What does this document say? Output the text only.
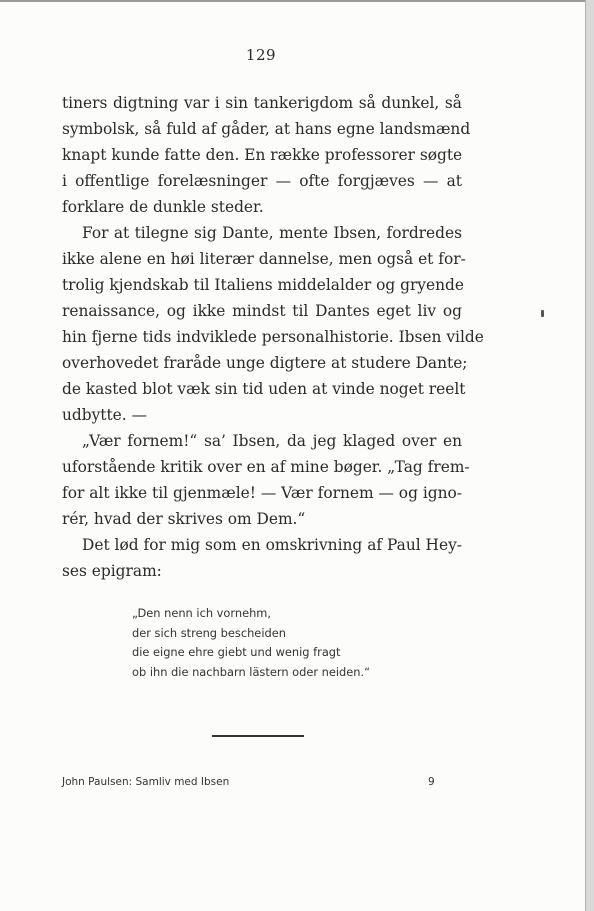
129
tiners digtning var i sin tankerigdom så dunkel, så
symbolsk, så fuld af gåder, at hans egne landsmænd
knapt kunde fatte den. En række professorer søgte
i offentlige forelæsninger — ofte forgjæves — at
forklare de dunkle steder.
For at tilegne sig Dante, mente Ibsen, fordredes
ikke alene en høi literær dannelse, men også et for-
trolig kjendskab til Italiens middelalder og gryende
renaissance, og ikke mindst til Dantes eget liv og
hin fjerne tids indviklede personalhistorie. Ibsen vilde
overhovedet fraråde unge digtere at studere Dante;
de kasted blot væk sin tid uden at vinde noget reelt
udbytte. —
„Vær fornem!“ sa’ Ibsen, da jeg klaged over en
uforstående kritik over en af mine bøger. „Tag frem-
for alt ikke til gjenmæle! — Vær fornem — og igno-
rér, hvad der skrives om Dem.“
Det lød for mig som en omskrivning af Paul Hey-
ses epigram:
„Den nenn ich vornehm,
der sich streng bescheiden
die eigne ehre giebt und wenig fragt
ob ihn die nachbarn lästern oder neiden.“
John Paulsen: Samliv med Ibsen	9
